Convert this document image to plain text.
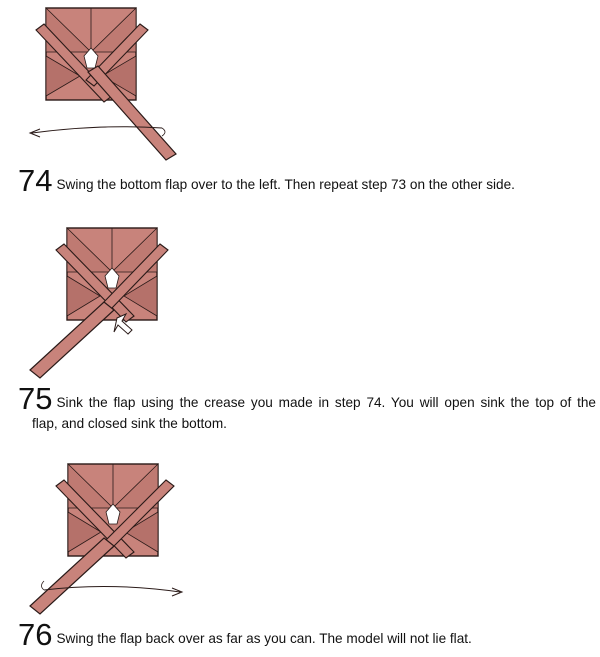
74 Swing the bottom flap over to the left. Then repeat step 73 on the other side.
75 Sink the flap using the crease you made in step 74. You will open sink the top of the
flap, and closed sink the bottom.
76 Swing the flap back over as far as you can. The model will not lie flat.
